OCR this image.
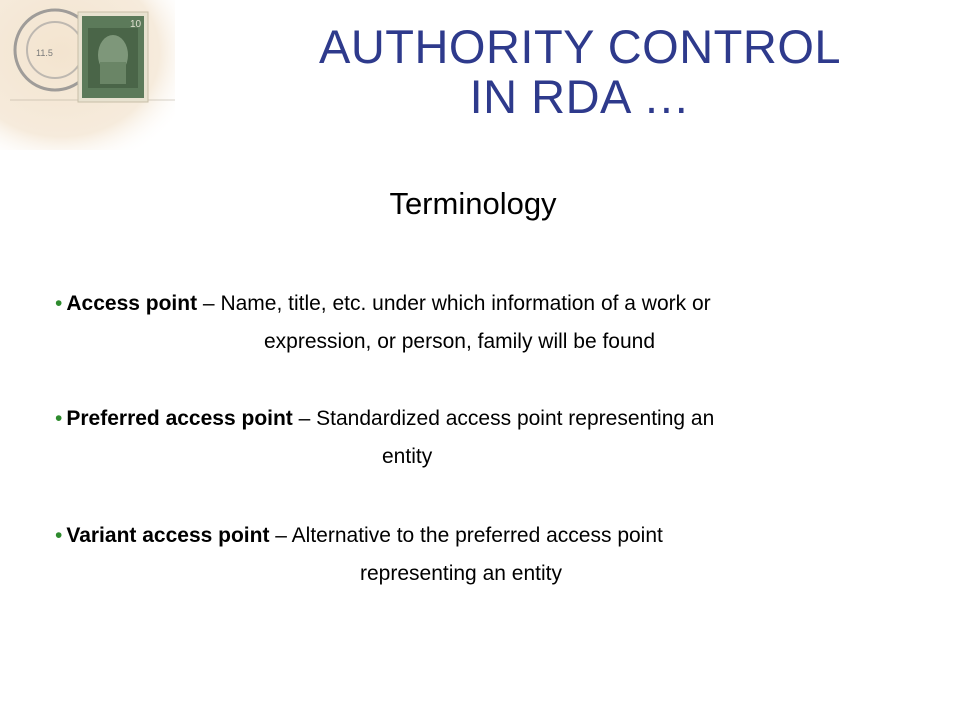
10
11.5	AUTHORITY CONTROL
IN RDA …
Terminology
• Access point – Name, title, etc. under which information of a work or
expression, or person, family will be found
• Preferred access point – Standardized access point representing an
entity
• Variant access point – Alternative to the preferred access point
representing an entity
